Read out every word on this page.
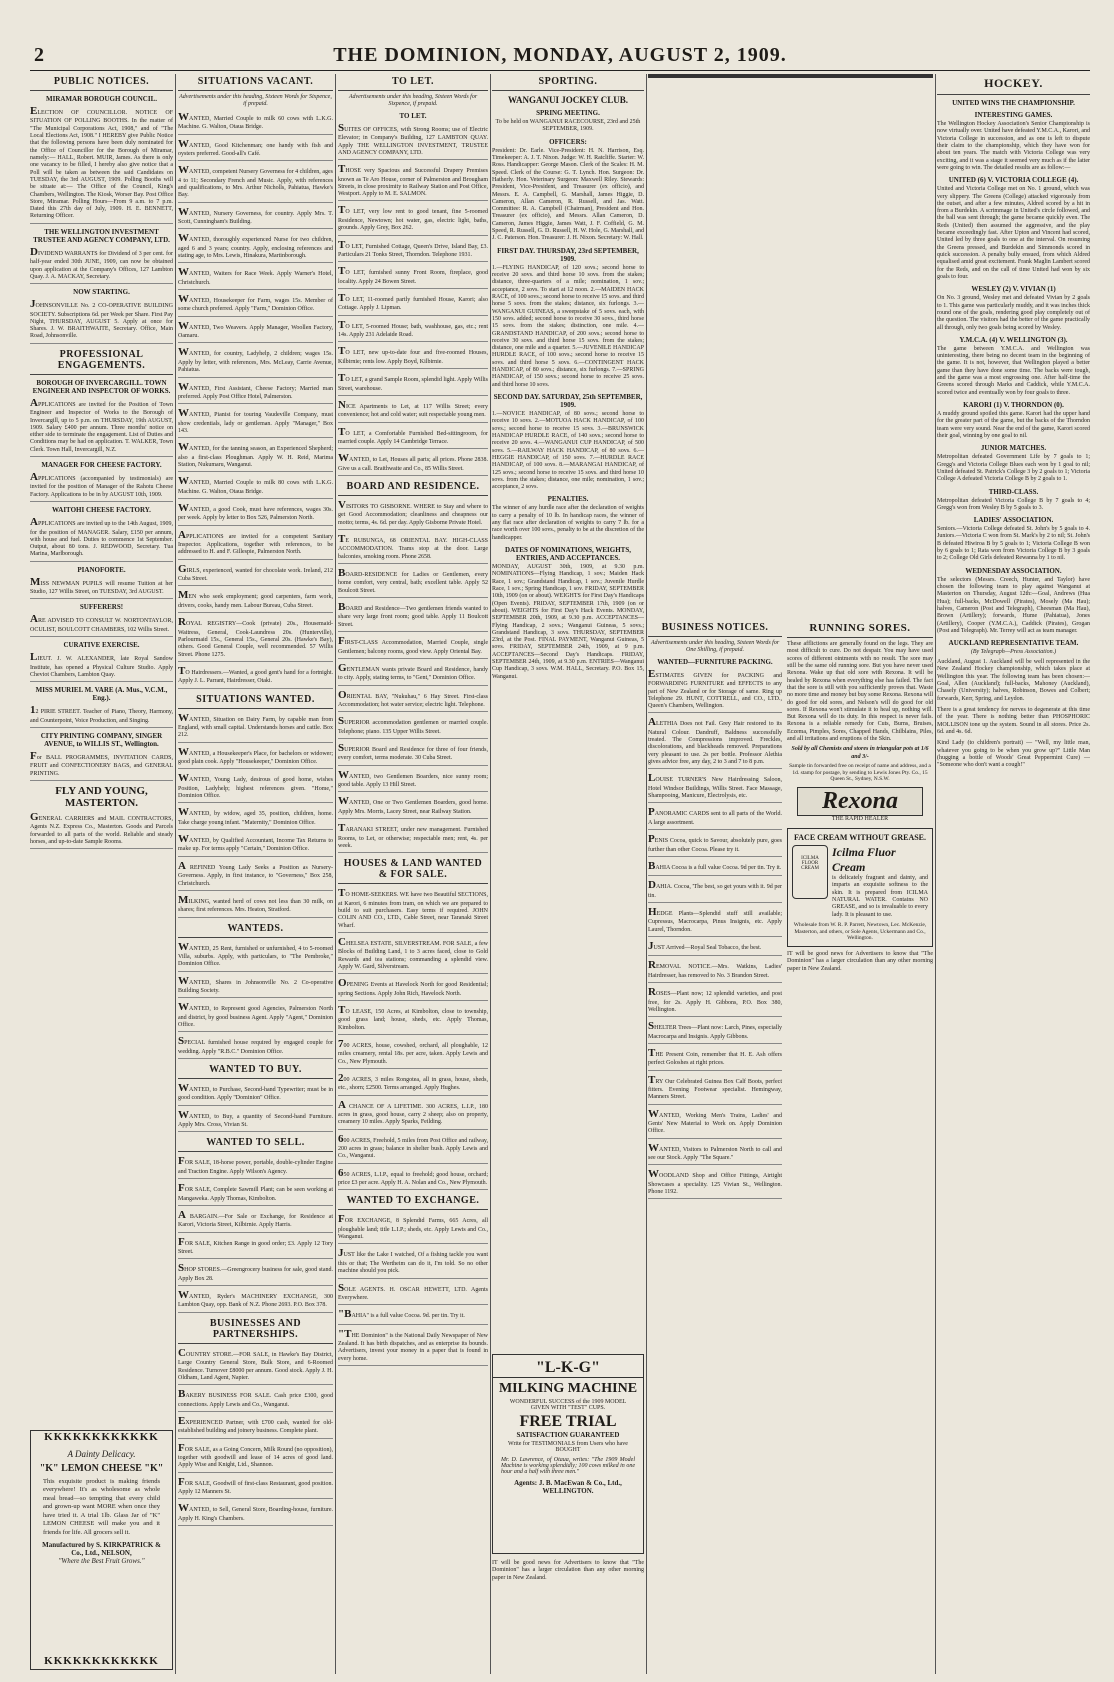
2	THE DOMINION, MONDAY, AUGUST 2, 1909.
PUBLIC NOTICES.
MIRAMAR BOROUGH COUNCIL.
ELECTION OF COUNCILLOR. NOTICE OF SITUATION OF POLLING BOOTHS. In the matter of "The Municipal Corporations Act, 1908," and of "The Local Elections Act, 1908." I HEREBY give Public Notice that the following persons have been duly nominated for the Office of Councillor for the Borough of Miramar, namely:— HALL, Robert. MUIR, James. As there is only one vacancy to be filled, I hereby also give notice that a Poll will be taken as between the said Candidates on TUESDAY, the 3rd AUGUST, 1909. Polling Booths will be situate at:— The Office of the Council, King's Chambers, Wellington. The Kiosk, Worser Bay. Post Office Store, Miramar. Polling Hours—From 9 a.m. to 7 p.m. Dated this 27th day of July, 1909. H. E. BENNETT, Returning Officer.
THE WELLINGTON INVESTMENT TRUSTEE AND AGENCY COMPANY, LTD.
DIVIDEND WARRANTS for Dividend of 3 per cent. for half-year ended 30th JUNE, 1909, can now be obtained upon application at the Company's Offices, 127 Lambton Quay. J. A. MACKAY, Secretary.
NOW STARTING.
JOHNSONVILLE No. 2 CO-OPERATIVE BUILDING SOCIETY. Subscriptions 6d. per Week per Share. First Pay Night, THURSDAY, AUGUST 5. Apply at once for Shares. J. W. BRAITHWAITE, Secretary. Office, Main Road, Johnsonville.
PROFESSIONAL ENGAGEMENTS.
BOROUGH OF INVERCARGILL. TOWN ENGINEER AND INSPECTOR OF WORKS.
APPLICATIONS are invited for the Position of Town Engineer and Inspector of Works to the Borough of Invercargill, up to 5 p.m. on THURSDAY, 19th AUGUST, 1909. Salary £400 per annum. Three months' notice on either side to terminate the engagement. List of Duties and Conditions may be had on application. T. WALKER, Town Clerk. Town Hall, Invercargill, N.Z.
MANAGER FOR CHEESE FACTORY.
APPLICATIONS (accompanied by testimonials) are invited for the position of Manager of the Rahotu Cheese Factory. Applications to be in by AUGUST 10th, 1909.
WAITOHI CHEESE FACTORY.
APPLICATIONS are invited up to the 14th August, 1909, for the position of MANAGER. Salary, £150 per annum, with house and fuel. Duties to commence 1st September. Output, about 80 tons. J. REDWOOD, Secretary. Tua Marina, Marlborough.
PIANOFORTE.
MISS NEWMAN PUPILS will resume Tuition at her Studio, 127 Willis Street, on TUESDAY, 3rd AUGUST.
SUFFERERS!
ARE ADVISED TO CONSULT W. NORTONTAYLOR, OCULIST, BOULCOTT CHAMBERS, 102 Willis Street.
CURATIVE EXERCISE.
LIEUT. J. W. ALEXANDER, late Royal Sandow Institute, has opened a Physical Culture Studio. Apply Cheviot Chambers, Lambton Quay.
MISS MURIEL M. VARE (A. Mus., V.C.M., Eng.).
12 PIRIE STREET. Teacher of Piano, Theory, Harmony, and Counterpoint, Voice Production, and Singing.
CITY PRINTING COMPANY, SINGER AVENUE, to WILLIS ST., Wellington.
For BALL PROGRAMMES, INVITATION CARDS, FRUIT and CONFECTIONERY BAGS, and GENERAL PRINTING.
FLY AND YOUNG, MASTERTON.
GENERAL CARRIERS and MAIL CONTRACTORS, Agents N.Z. Express Co., Masterton. Goods and Parcels forwarded to all parts of the world. Reliable and steady horses, and up-to-date Sample Rooms.
KKKKKKKKKKKK
A Dainty Delicacy.
"K" LEMON CHEESE "K"
This exquisite product is making friends everywhere! It's as wholesome as whole meal bread—so tempting that every child and grown-up want MORE when once they have tried it. A trial 1lb. Glass Jar of "K" LEMON CHEESE will make you and it friends for life. All grocers sell it.
Manufactured by S. KIRKPATRICK & Co., Ltd., NELSON,
"Where the Best Fruit Grows."
KKKKKKKKKKKK
SITUATIONS VACANT.
Advertisements under this heading, Sixteen Words for Sixpence, if prepaid.
WANTED, Married Couple to milk 60 cows with L.K.G. Machine. G. Walton, Otaua Bridge.
WANTED, Good Kitchenman; one handy with fish and oysters preferred. Good-all's Café.
WANTED, competent Nursery Governess for 4 children, ages 4 to 11; Secondary French and Music. Apply, with references and qualifications, to Mrs. Arthur Nicholls, Pahiatua, Hawke's Bay.
WANTED, Nursery Governess, for country. Apply Mrs. T. Scott, Cunningham's Building.
WANTED, thoroughly experienced Nurse for two children, aged 6 and 3 years; country. Apply, enclosing references and stating age, to Mrs. Lewis, Hinakura, Martinborough.
WANTED, Waiters for Race Week. Apply Warner's Hotel, Christchurch.
WANTED, Housekeeper for Farm, wages 15s. Member of some church preferred. Apply "Farm," Dominion Office.
WANTED, Two Weavers. Apply Manager, Woollen Factory, Oamaru.
WANTED, for country, Ladyhelp, 2 children; wages 15s. Apply by letter, with references, Mrs. McLeay, Carrie Avenue, Pahiatua.
WANTED, First Assistant, Cheese Factory; Married man preferred. Apply Post Office Hotel, Palmerston.
WANTED, Pianist for touring Vaudeville Company, must show credentials, lady or gentleman. Apply "Manager," Box 143.
WANTED, for the tanning season, an Experienced Shepherd; also a first-class Ploughman. Apply W. H. Reid, Marima Station, Nukumaru, Wanganui.
WANTED, Married Couple to milk 80 cows with L.K.G. Machine. G. Walton, Otaua Bridge.
WANTED, a good Cook, must have references, wages 30s. per week. Apply by letter to Box 526, Palmerston North.
APPLICATIONS are invited for a competent Sanitary Inspector. Applications, together with references, to be addressed to H. and F. Gillespie, Palmerston North.
GIRLS, experienced, wanted for chocolate work. Ireland, 212 Cuba Street.
MEN who seek employment; good carpenters, farm work, drivers, cooks, handy men. Labour Bureau, Cuba Street.
ROYAL REGISTRY—Cook (private) 20s., Housemaid-Waitress, General, Cook-Laundress 20s. (Hunterville), Parlourmaid 15s., General 15s., General 20s. (Hawke's Bay), others. Good General Couple, well recommended. 57 Willis Street. Phone 1275.
TO Hairdressers.—Wanted, a good gent's hand for a fortnight. Apply J. L. Parrant, Hairdresser, Otaki.
SITUATIONS WANTED.
WANTED, Situation on Dairy Farm, by capable man from England, with small capital. Understands horses and cattle. Box 212.
WANTED, a Housekeeper's Place, for bachelors or widower; good plain cook. Apply "Housekeeper," Dominion Office.
WANTED, Young Lady, desirous of good home, wishes Position, Ladyhelp; highest references given. "Home," Dominion Office.
WANTED, by widow, aged 35, position, children, home. Take charge young infant. "Maternity," Dominion Office.
WANTED, by Qualified Accountant, Income Tax Returns to make up. For terms apply "Certain," Dominion Office.
A REFINED Young Lady Seeks a Position as Nursery-Governess. Apply, in first instance, to "Governess," Box 258, Christchurch.
MILKING, wanted herd of cows not less than 30 milk, on shares; first references. Mrs. Heaton, Stratford.
WANTEDS.
WANTED, 25 Rent, furnished or unfurnished, 4 to 5-roomed Villa, suburbs. Apply, with particulars, to "The Pembroke," Dominion Office.
WANTED, Shares in Johnsonville No. 2 Co-operative Building Society.
WANTED, to Represent good Agencies, Palmerston North and district, by good business Agent. Apply "Agent," Dominion Office.
SPECIAL furnished house required by engaged couple for wedding. Apply "R.B.C." Dominion Office.
WANTED TO BUY.
WANTED, to Purchase, Second-hand Typewriter; must be in good condition. Apply "Dominion" Office.
WANTED, to Buy, a quantity of Second-hand Furniture. Apply Mrs. Cross, Vivian St.
WANTED TO SELL.
FOR SALE, 18-horse power, portable, double-cylinder Engine and Traction Engine. Apply Wilson's Agency.
FOR SALE, Complete Sawmill Plant; can be seen working at Mangaweka. Apply Thomas, Kimbolton.
A BARGAIN.—For Sale or Exchange, for Residence at Karori, Victoria Street, Kilbirnie. Apply Harris.
FOR SALE, Kitchen Range in good order; £3. Apply 12 Tory Street.
SHOP STORES.—Greengrocery business for sale, good stand. Apply Box 28.
WANTED, Ryder's MACHINERY EXCHANGE, 300 Lambton Quay, opp. Bank of N.Z. Phone 2693. P.O. Box 378.
BUSINESSES AND PARTNERSHIPS.
COUNTRY STORE.—FOR SALE, in Hawke's Bay District, Large Country General Store, Bulk Store, and 6-Roomed Residence. Turnover £8000 per annum. Good stock. Apply J. H. Oldham, Land Agent, Napier.
BAKERY BUSINESS FOR SALE. Cash price £300, good connections. Apply Lewis and Co., Wanganui.
EXPERIENCED Partner, with £700 cash, wanted for old-established building and joinery business. Complete plant.
FOR SALE, as a Going Concern, Milk Round (no opposition), together with goodwill and lease of 14 acres of good land. Apply Wise and Knight, Ltd., Shannon.
FOR SALE, Goodwill of first-class Restaurant, good position. Apply 12 Manners St.
WANTED, to Sell, General Store, Boarding-house, furniture. Apply H. King's Chambers.
TO LET.
Advertisements under this heading, Sixteen Words for Sixpence, if prepaid.
TO LET.
SUITES OF OFFICES, with Strong Rooms; use of Electric Elevator; in Company's Building, 127 LAMBTON QUAY. Apply THE WELLINGTON INVESTMENT, TRUSTEE AND AGENCY COMPANY, LTD.
THOSE very Spacious and Successful Drapery Premises known as Te Aro House, corner of Palmerston and Brougham Streets, in close proximity to Railway Station and Post Office, Westport. Apply to M. E. SALMON.
TO LET, very low rent to good tenant, fine 5-roomed Residence, Newtown; hot water, gas, electric light, baths, grounds. Apply Grey, Box 262.
TO LET, Furnished Cottage, Queen's Drive, Island Bay, £3. Particulars 21 Tonks Street, Thorndon. Telephone 1931.
TO LET, furnished sunny Front Room, fireplace, good locality. Apply 24 Bowen Street.
TO LET, 11-roomed partly furnished House, Karori; also Cottage. Apply J. Lipman.
TO LET, 5-roomed House; bath, washhouse, gas, etc.; rent 14s. Apply 231 Adelaide Road.
TO LET, new up-to-date four and five-roomed Houses, Kilbirnie; rents low. Apply Boyd, Kilbirnie.
TO LET, a grand Sample Room, splendid light. Apply Willis Street, warehouse.
NICE Apartments to Let, at 117 Willis Street; every convenience; hot and cold water; suit respectable young men.
TO LET, a Comfortable Furnished Bed-sittingroom, for married couple. Apply 14 Cambridge Terrace.
WANTED, to Let, Houses all parts; all prices. Phone 2838. Give us a call. Braithwaite and Co., 85 Willis Street.
BOARD AND RESIDENCE.
VISITORS TO GISBORNE. WHERE to Stay and where to get Good Accommodation; cleanliness and cheapness our motto; terms, 4s. 6d. per day. Apply Gisborne Private Hotel.
TE RUBUNGA, 68 ORIENTAL BAY. HIGH-CLASS ACCOMMODATION. Trams stop at the door. Large balconies, smoking room. Phone 2658.
BOARD-RESIDENCE for Ladies or Gentlemen, every home comfort, very central, bath; excellent table. Apply 52 Boulcott Street.
BOARD and Residence—Two gentlemen friends wanted to share very large front room; good table. Apply 11 Boulcott Street.
FIRST-CLASS Accommodation, Married Couple, single Gentlemen; balcony rooms, good view. Apply Oriental Bay.
GENTLEMAN wants private Board and Residence, handy to city. Apply, stating terms, to "Gent," Dominion Office.
ORIENTAL BAY, "Nukuhau," 6 Hay Street. First-class Accommodation; hot water service; electric light. Telephone.
SUPERIOR accommodation gentlemen or married couple. Telephone; piano. 135 Upper Willis Street.
SUPERIOR Board and Residence for three of four friends, every comfort, terms moderate. 30 Cuba Street.
WANTED, two Gentlemen Boarders, nice sunny room; good table. Apply 13 Hill Street.
WANTED, One or Two Gentlemen Boarders, good home. Apply Mrs. Morris, Lacey Street, near Railway Station.
TARANAKI STREET, under new management. Furnished Rooms, to Let, or otherwise; respectable men; rent, 4s. per week.
HOUSES & LAND WANTED & FOR SALE.
TO HOME-SEEKERS. WE have two Beautiful SECTIONS, at Karori, 6 minutes from tram, on which we are prepared to build to suit purchasers. Easy terms if required. JOHN COLIN AND CO., LTD., Cable Street, near Taranaki Street Wharf.
CHELSEA ESTATE, SILVERSTREAM. FOR SALE, a few Blocks of Building Land, 1 to 3 acres faced, close to Gold Rewards and tea stations; commanding a splendid view. Apply W. Gard, Silverstream.
OPENING Events at Havelock North for good Residential; spring Sections. Apply John Rich, Havelock North.
TO LEASE, 150 Acres, at Kimbolton, close to township, good grass land; house, sheds, etc. Apply Thomas, Kimbolton.
700 ACRES, house, cowshed, orchard, all ploughable, 12 miles creamery, rental 18s. per acre, taken. Apply Lewis and Co., New Plymouth.
200 ACRES, 3 miles Rongotea, all in grass, house, sheds, etc., shorn; £2500. Terms arranged. Apply Hughes.
A CHANCE OF A LIFETIME. 300 ACRES, L.I.P., 180 acres in grass, good house, carry 2 sheep; also on property, creamery 10 miles. Apply Sparks, Feilding.
600 ACRES, Freehold, 5 miles from Post Office and railway, 200 acres in grass; balance in shelter bush. Apply Lewis and Co., Wanganui.
650 ACRES, L.I.P., equal to freehold; good house, orchard; price £3 per acre. Apply H. A. Nolan and Co., New Plymouth.
WANTED TO EXCHANGE.
FOR EXCHANGE, 8 Splendid Farms, 665 Acres, all ploughable land; title L.I.P.; sheds, etc. Apply Lewis and Co., Wanganui.
JUST like the Lake I watched, Of a fishing tackle you want this or that; The Wertheim can do it, I'm told. So no other machine should you pick.
SOLE AGENTS. H. OSCAR HEWETT, LTD. Agents Everywhere.
"BAHIA" is a full value Cocoa. 9d. per tin. Try it.
"THE Dominion" is the National Daily Newspaper of New Zealand. It has birth dispatches, and as enterprise its bounds. Advertisers, invest your money in a paper that is found in every home.
SPORTING.
WANGANUI JOCKEY CLUB.
SPRING MEETING.
To be held on WANGANUI RACECOURSE, 23rd and 25th SEPTEMBER, 1909.
OFFICERS:
President: Dr. Earle. Vice-President: H. N. Harrison, Esq. Timekeeper: A. J. T. Nixon. Judge: W. H. Ratcliffe. Starter: W. Ross. Handicapper: George Mason. Clerk of the Scales: H. M. Speed. Clerk of the Course: G. T. Lynch. Hon. Surgeon: Dr. Hatherly. Hon. Veterinary Surgeon: Maxwell Riley. Stewards: President, Vice-President, and Treasurer (ex officio), and Messrs. E. A. Campbell, G. Marshall, James Higgie, D. Cameron, Allan Cameron, R. Russell, and Jas. Watt. Committee: R. A. Campbell (Chairman), President and Hon. Treasurer (ex officio), and Messrs. Allan Cameron, D. Cameron, James Higgie, James Watt, J. F. Coffield, G. M. Speed, R. Russell, G. D. Russell, H. W. Hole, G. Marshall, and J. C. Paterson. Hon. Treasurer: J. H. Nixon. Secretary: W. Hall.
FIRST DAY. THURSDAY, 23rd SEPTEMBER, 1909.
1.—FLYING HANDICAP, of 120 sovs.; second horse to receive 20 sovs. and third horse 10 sovs. from the stakes; distance, three-quarters of a mile; nomination, 1 sov.; acceptance, 2 sovs. To start at 12 noon. 2.—MAIDEN HACK RACE, of 100 sovs.; second horse to receive 15 sovs. and third horse 5 sovs. from the stakes; distance, six furlongs. 3.—WANGANUI GUINEAS, a sweepstake of 5 sovs. each, with 150 sovs. added; second horse to receive 30 sovs., third horse 15 sovs. from the stakes; distinction, one mile. 4.—GRANDSTAND HANDICAP, of 200 sovs.; second horse to receive 30 sovs. and third horse 15 sovs. from the stakes; distance, one mile and a quarter. 5.—JUVENILE HANDICAP HURDLE RACE, of 100 sovs.; second horse to receive 15 sovs. and third horse 5 sovs. 6.—CONTINGENT HACK HANDICAP, of 80 sovs.; distance, six furlongs. 7.—SPRING HANDICAP, of 150 sovs.; second horse to receive 25 sovs. and third horse 10 sovs.
SECOND DAY. SATURDAY, 25th SEPTEMBER, 1909.
1.—NOVICE HANDICAP, of 80 sovs.; second horse to receive 10 sovs. 2.—MOTUOA HACK HANDICAP, of 100 sovs.; second horse to receive 15 sovs. 3.—BRUNSWICK HANDICAP HURDLE RACE, of 140 sovs.; second horse to receive 20 sovs. 4.—WANGANUI CUP HANDICAP, of 500 sovs. 5.—RAILWAY HACK HANDICAP, of 80 sovs. 6.—HEGGIE HANDICAP, of 150 sovs. 7.—HURDLE RACE HANDICAP, of 100 sovs. 8.—MARANGAI HANDICAP, of 125 sovs.; second horse to receive 15 sovs. and third horse 10 sovs. from the stakes; distance, one mile; nomination, 1 sov.; acceptance, 2 sovs.
PENALTIES.
The winner of any hurdle race after the declaration of weights to carry a penalty of 10 lb. In handicap races, the winner of any flat race after declaration of weights to carry 7 lb. for a race worth over 100 sovs., penalty to be at the discretion of the handicapper.
DATES OF NOMINATIONS, WEIGHTS, ENTRIES, AND ACCEPTANCES.
MONDAY, AUGUST 30th, 1909, at 9.30 p.m. NOMINATIONS—Flying Handicap, 1 sov.; Maiden Hack Race, 1 sov.; Grandstand Handicap, 1 sov.; Juvenile Hurdle Race, 1 sov.; Spring Handicap, 1 sov. FRIDAY, SEPTEMBER 10th, 1909 (on or about). WEIGHTS for First Day's Handicaps (Open Events). FRIDAY, SEPTEMBER 17th, 1909 (on or about). WEIGHTS for First Day's Hack Events. MONDAY, SEPTEMBER 20th, 1909, at 9.30 p.m. ACCEPTANCES—Flying Handicap, 2 sovs.; Wanganui Guineas, 5 sovs.; Grandstand Handicap, 3 sovs. THURSDAY, SEPTEMBER 23rd, at the Post. FINAL PAYMENT, Wanganui Guineas, 5 sovs. FRIDAY, SEPTEMBER 24th, 1909, at 9 p.m. ACCEPTANCES—Second Day's Handicaps. FRIDAY, SEPTEMBER 24th, 1909, at 9.30 p.m. ENTRIES—Wanganui Cup Handicap, 3 sovs. W.M. HALL, Secretary. P.O. Box 15, Wanganui.
"L-K-G"
MILKING MACHINE
WONDERFUL SUCCESS of the 1909 MODEL GIVEN WITH "TEST" CUPS.
FREE TRIAL
SATISFACTION GUARANTEED
Write for TESTIMONIALS from Users who have BOUGHT
Mr. D. Lawrence, of Otaua, writes: "The 1909 Model Machine is working splendidly; 100 cows milked in one hour and a half with three men."
Agents: J. B. MacEwan & Co., Ltd., WELLINGTON.
IT will be good news for Advertisers to know that "The Dominion" has a larger circulation than any other morning paper in New Zealand.
BUSINESS NOTICES.
Advertisements under this heading, Sixteen Words for One Shilling, if prepaid.
WANTED—FURNITURE PACKING.
ESTIMATES GIVEN for PACKING and FORWARDING FURNITURE and EFFECTS to any part of New Zealand or for Storage of same. Ring up Telephone 29. HUNT, COTTRELL, and CO., LTD., Queen's Chambers, Wellington.
ALETHIA Does not Fail. Grey Hair restored to its Natural Colour. Dandruff, Baldness successfully treated. The Compressions improved. Freckles, discolorations, and blackheads removed. Preparations very pleasant to use. 2s per bottle. Professor Alethia gives advice free, any day, 2 to 3 and 7 to 8 p.m.
LOUISE TURNER'S New Hairdressing Saloon, Hotel Windsor Buildings, Willis Street. Face Massage, Shampooing, Manicure, Electrolysis, etc.
PANORAMIC CARDS sent to all parts of the World. A large assortment.
PENIS Cocoa, quick to Savour, absolutely pure, goes further than other Cocoa. Please try it.
BAHIA Cocoa is a full value Cocoa. 9d per tin. Try it.
DAHIA. Cocoa, 'The best, so get yours with it. 9d per tin.
HEDGE Plants—Splendid stuff still available; Cupressus, Macrocarpa, Pinus Insignis, etc. Apply Laurel, Thorndon.
JUST Arrived—Royal Seal Tobacco, the best.
REMOVAL NOTICE.—Mrs. Watkins, Ladies' Hairdresser, has removed to No. 3 Brandon Street.
ROSES—Plant now; 12 splendid varieties, and post free, for 2s. Apply H. Gibbons, P.O. Box 380, Wellington.
SHELTER Trees—Plant now: Larch, Pines, especially Macrocarpa and Insignis. Apply Gibbons.
THE Present Coin, remember that H. E. Ash offers perfect Goloshes at right prices.
TRY Our Celebrated Guinea Box Calf Boots, perfect fitters. Evening Footwear specialist. Hemingway, Manners Street.
WANTED, Working Men's Trains, Ladies' and Gents' New Material to Work on. Apply Dominion Office.
WANTED, Visitors to Palmerston North to call and see our Stock. Apply "The Square."
WOODLAND Shop and Office Fittings, Airtight Showcases a speciality. 125 Vivian St., Wellington. Phone 1192.
RUNNING SORES.
These afflictions are generally found on the legs. They are most difficult to cure. Do not despair. You may have used scores of different ointments with no result. The sore may still be the same old running sore. But you have never used Rexona. Wake up that old sore with Rexona. It will be healed by Rexona when everything else has failed. The fact that the sore is still with you sufficiently proves that. Waste no more time and money but buy some Rexona. Rexona will do good for old sores, and Nelson's will do good for old sores. If Rexona won't stimulate it to heal up, nothing will. But Rexona will do its duty. In this respect is never fails. Rexona is a reliable remedy for Cuts, Burns, Bruises, Eczema, Pimples, Sores, Chapped Hands, Chilblains, Piles, and all irritations and eruptions of the Skin.
Sold by all Chemists and stores in triangular pots at 1/6 and 3/-
Sample tin forwarded free on receipt of name and address, and a 1d. stamp for postage, by sending to Lewis Jones Pty. Co., 15 Queen St., Sydney, N.S.W.
Rexona
THE RAPID HEALER
FACE CREAM WITHOUT GREASE.
ICILMA FLOOR CREAM
Icilma Fluor Cream
is delicately fragrant and dainty, and imparts an exquisite softness to the skin. It is prepared from ICILMA NATURAL WATER. Contains NO GREASE, and so is invaluable to every lady. It is pleasant to use.
Wholesale from W. R. P. Parrett, Newtown, Lec. McKenzie, Masterton, and others, or Sole Agents, Uckermann and Co., Wellington.
IT will be good news for Advertisers to know that "The Dominion" has a larger circulation than any other morning paper in New Zealand.
HOCKEY.
UNITED WINS THE CHAMPIONSHIP.
INTERESTING GAMES.
The Wellington Hockey Association's Senior Championship is now virtually over. United have defeated Y.M.C.A., Karori, and Victoria College in succession, and as one is left to dispute their claim to the championship, which they have won for about ten years. The match with Victoria College was very exciting, and it was a stage it seemed very much as if the latter were going to win. The detailed results are as follow:—
UNITED (6) V. VICTORIA COLLEGE (4).
United and Victoria College met on No. 1 ground, which was very slippery. The Greens (College) attacked vigorously from the outset, and after a few minutes, Aldred scored by a hit in from a Burdekin. A scrimmage in United's circle followed, and the ball was sent through; the game became quickly even. The Reds (United) then assumed the aggressive, and the play became exceedingly fast. After Upton and Vincent had scored, United led by three goals to one at the interval. On resuming the Greens pressed, and Burdekin and Simmonds scored in quick succession. A penalty bully ensued, from which Aldred equalised amid great excitement. Frank Maglin Lambert scored for the Reds, and on the call of time United had won by six goals to four.
WESLEY (2) V. VIVIAN (1)
On No. 3 ground, Wesley met and defeated Vivian by 2 goals to 1. This game was particularly muddy, and it was inches thick round one of the goals, rendering good play completely out of the question. The visitors had the better of the game practically all through, only two goals being scored by Wesley.
Y.M.C.A. (4) V. WELLINGTON (3).
The game between Y.M.C.A. and Wellington was uninteresting, there being no decent team in the beginning of the game. It is not, however, that Wellington played a better game than they have done some time. The backs were tough, and the game was a most engrossing one. After half-time the Greens scored through Marks and Caddick, while Y.M.C.A. scored twice and eventually won by four goals to three.
KARORI (1) V. THORNDON (0).
A muddy ground spoiled this game. Karori had the upper hand for the greater part of the game, but the backs of the Thorndon team were very sound. Near the end of the game, Karori scored their goal, winning by one goal to nil.
JUNIOR MATCHES.
Metropolitan defeated Government Life by 7 goals to 1; Gregg's and Victoria College Blues each won by 1 goal to nil; United defeated St. Patrick's College 3 by 2 goals to 1; Victoria College A defeated Victoria College B by 2 goals to 1.
THIRD-CLASS.
Metropolitan defeated Victoria College B by 7 goals to 4; Gregg's won from Wesley B by 5 goals to 3.
LADIES' ASSOCIATION.
Seniors.—Victoria College defeated St. John's by 5 goals to 4. Juniors.—Victoria C won from St. Mark's by 2 to nil; St. John's B defeated Hiwiroa B by 5 goals to 1; Victoria College B won by 6 goals to 1; Rata won from Victoria College B by 3 goals to 2; College Old Girls defeated Rewanna by 1 to nil.
WEDNESDAY ASSOCIATION.
The selectors (Messrs. Creech, Hunter, and Taylor) have chosen the following team to play against Wanganui at Masterton on Thursday, August 12th:—Goal, Andrews (Hua Hua); full-backs, McDowell (Pirates), Mosely (Ma Hau); halves, Cameron (Post and Telegraph), Cheesman (Ma Hau), Brown (Artillery); forwards, Hume (Pahiatua), Jones (Artillery), Cooper (Y.M.C.A.), Caddick (Pirates), Grogan (Post and Telegraph). Mr. Terrey will act as team manager.
AUCKLAND REPRESENTATIVE TEAM.
(By Telegraph—Press Association.)
Auckland, August 1. Auckland will be well represented in the New Zealand Hockey championship, which takes place at Wellington this year. The following team has been chosen:—Goal, Allen (Auckland); full-backs, Mahoney (Auckland), Chasely (University); halves, Robinson, Bowes and Colbert; forwards, Kerr, Spring, and Leydon.
There is a great tendency for nerves to degenerate at this time of the year. There is nothing better than PHOSPHORIC MOLLISON tone up the system. Sound in all stores. Price 2s. 6d. and 4s. 6d.
Kind Lady (to children's portrait) — "Well, my little man, whatever you going to be when you grow up?" Little Man (hugging a bottle of Woods' Great Peppermint Cure) — "Someone who don't want a cough!"
